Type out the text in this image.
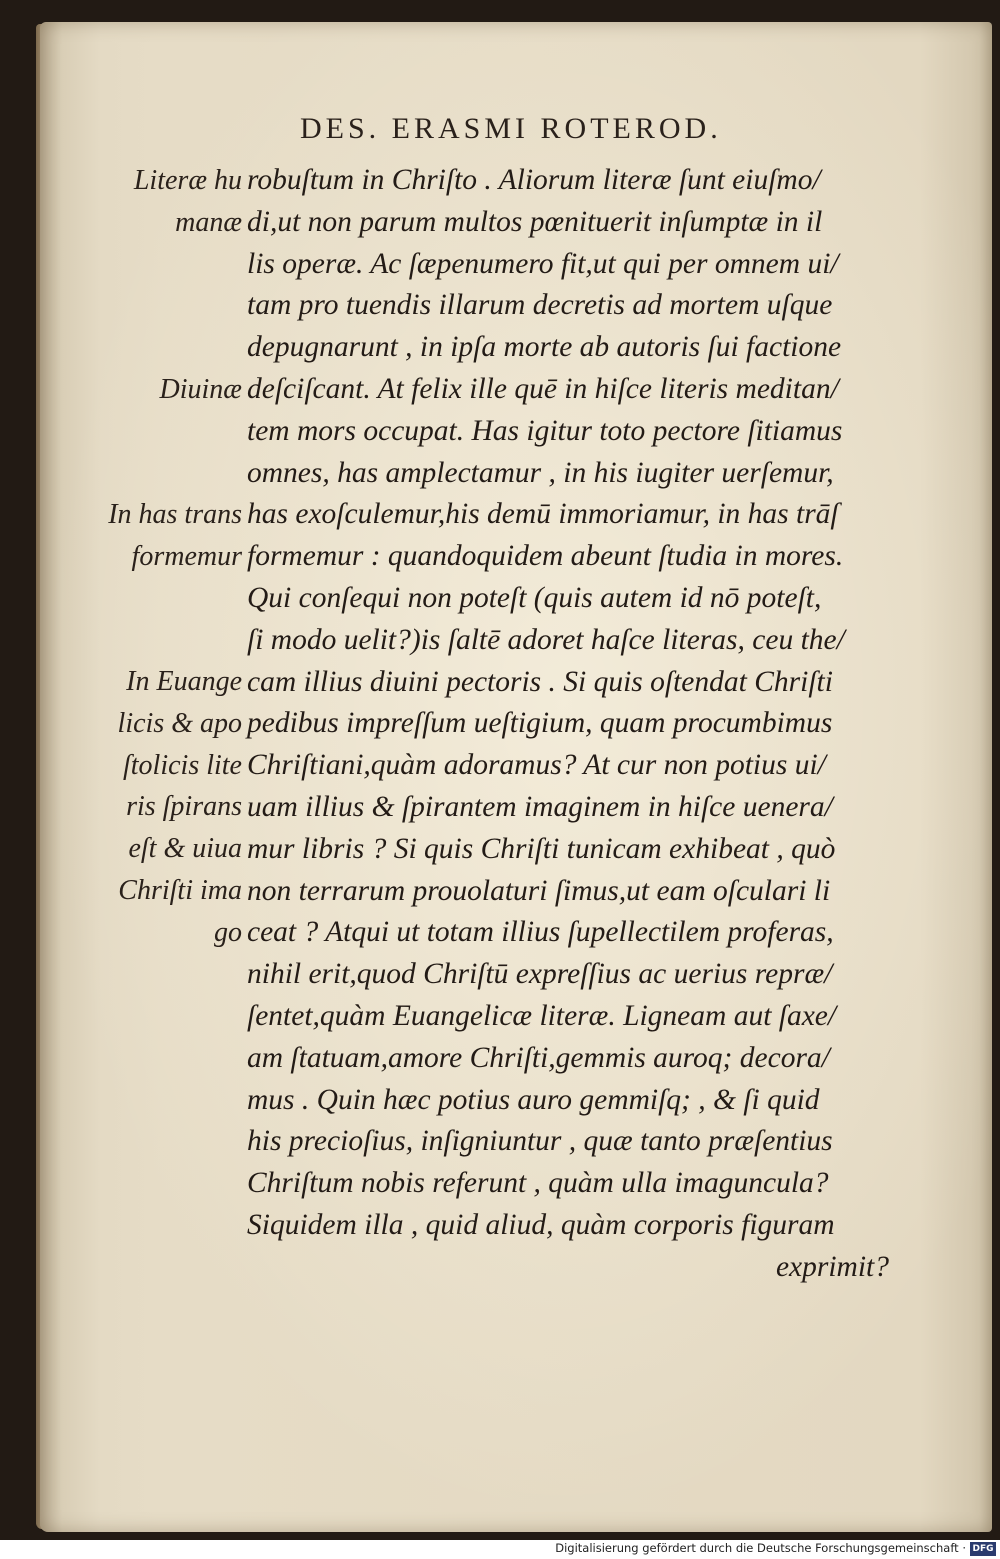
DES. ERASMI ROTEROD.
robuſtum in Chriſto . Aliorum literæ ſunt eiuſmo/
di,ut non parum multos pœnituerit inſumptæ in il
lis operæ. Ac ſæpenumero fit,ut qui per omnem ui/
tam pro tuendis illarum decretis ad mortem uſque
depugnarunt , in ipſa morte ab autoris ſui factione
deſciſcant. At felix ille quē in hiſce literis meditan/
tem mors occupat. Has igitur toto pectore ſitiamus
omnes, has amplectamur , in his iugiter uerſemur,
has exoſculemur,his demū immoriamur, in has trāſ
formemur : quandoquidem abeunt ſtudia in mores.
Qui conſequi non poteſt (quis autem id nō poteſt,
ſi modo uelit?)is ſaltē adoret haſce literas, ceu the/
cam illius diuini pectoris . Si quis oſtendat Chriſti
pedibus impreſſum ueſtigium, quam procumbimus
Chriſtiani,quàm adoramus? At cur non potius ui/
uam illius & ſpirantem imaginem in hiſce uenera/
mur libris ? Si quis Chriſti tunicam exhibeat , quò
non terrarum prouolaturi ſimus,ut eam oſculari li
ceat ? Atqui ut totam illius ſupellectilem proferas,
nihil erit,quod Chriſtū expreſſius ac uerius repræ/
ſentet,quàm Euangelicæ literæ. Ligneam aut ſaxe/
am ſtatuam,amore Chriſti,gemmis auroq; decora/
mus . Quin hæc potius auro gemmiſq; , & ſi quid
his precioſius, inſigniuntur , quæ tanto præſentius
Chriſtum nobis referunt , quàm ulla imaguncula?
Siquidem illa , quid aliud, quàm corporis figuram
exprimit?
Literæ hu
manæ
Diuinæ
In has trans
formemur
In Euange
licis & apo
ſtolicis lite
ris ſpirans
eſt & uiua
Chriſti ima
go
Digitalisierung gefördert durch die Deutsche Forschungsgemeinschaft · DFG
